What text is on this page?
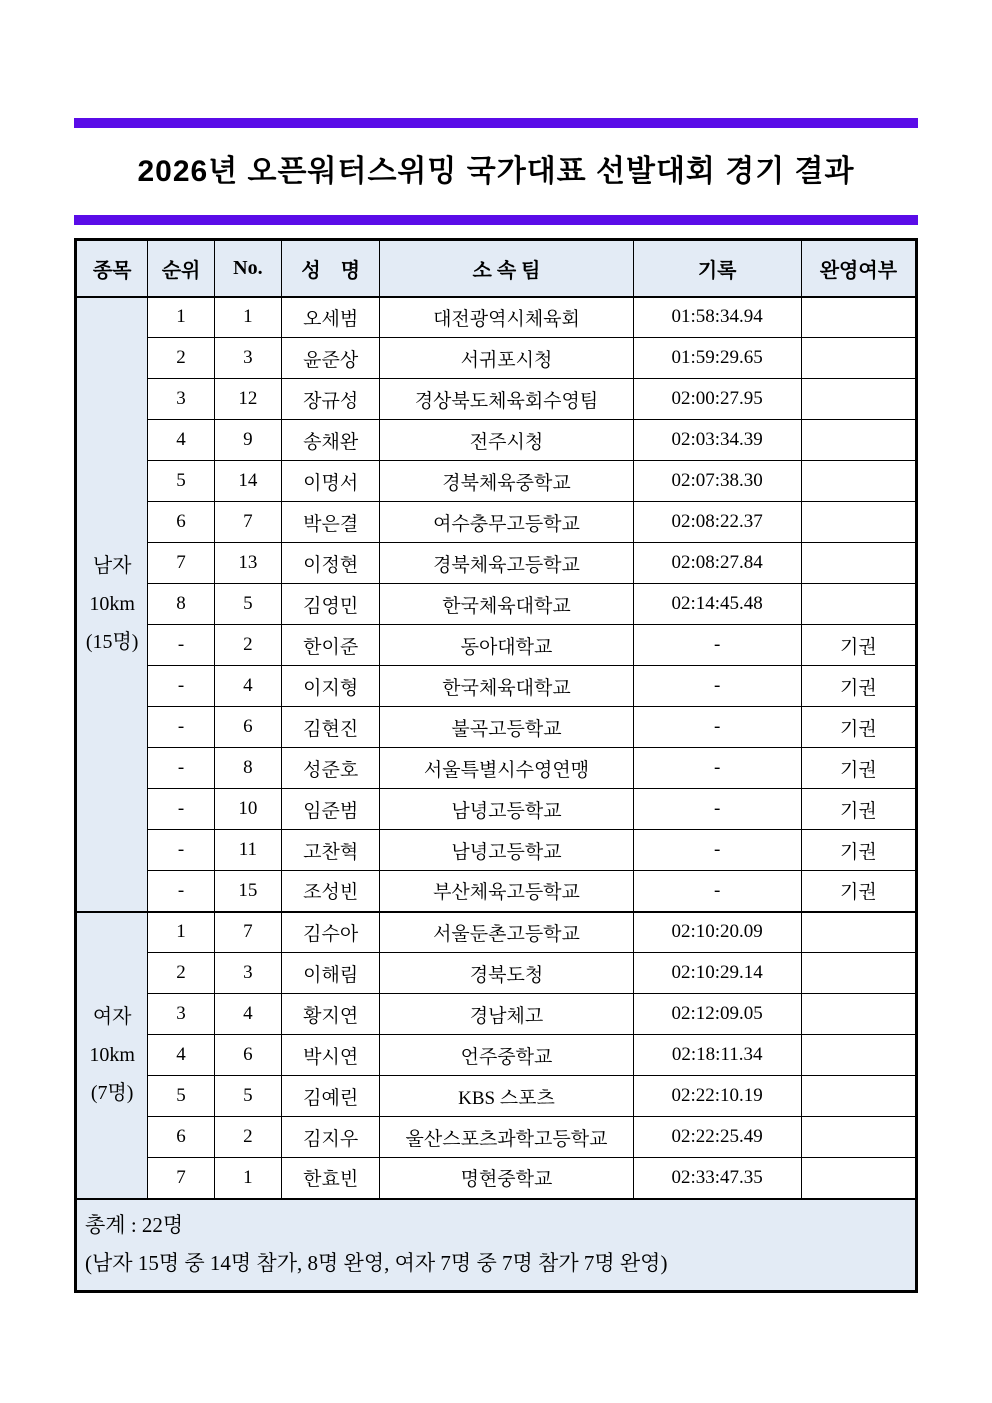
2026년 오픈워터스위밍 국가대표 선발대회 경기 결과
종목	순위	No.	성　명	소 속 팀	기록	완영여부

남자
10km
(15명)	1	1	오세범	대전광역시체육회	01:58:34.94	
	2	3	윤준상	서귀포시청	01:59:29.65	
	3	12	장규성	경상북도체육회수영팀	02:00:27.95	
	4	9	송채완	전주시청	02:03:34.39	
	5	14	이명서	경북체육중학교	02:07:38.30	
	6	7	박은결	여수충무고등학교	02:08:22.37	
	7	13	이정현	경북체육고등학교	02:08:27.84	
	8	5	김영민	한국체육대학교	02:14:45.48	
	-	2	한이준	동아대학교	-	기권
	-	4	이지형	한국체육대학교	-	기권
	-	6	김현진	불곡고등학교	-	기권
	-	8	성준호	서울특별시수영연맹	-	기권
	-	10	임준범	남녕고등학교	-	기권
	-	11	고찬혁	남녕고등학교	-	기권
	-	15	조성빈	부산체육고등학교	-	기권

여자
10km
(7명)	1	7	김수아	서울둔촌고등학교	02:10:20.09	
	2	3	이해림	경북도청	02:10:29.14	
	3	4	황지연	경남체고	02:12:09.05	
	4	6	박시연	언주중학교	02:18:11.34	
	5	5	김예린	KBS 스포츠	02:22:10.19	
	6	2	김지우	울산스포츠과학고등학교	02:22:25.49	
	7	1	한효빈	명현중학교	02:33:47.35	

총계 : 22명
(남자 15명 중 14명 참가, 8명 완영, 여자 7명 중 7명 참가 7명 완영)						
